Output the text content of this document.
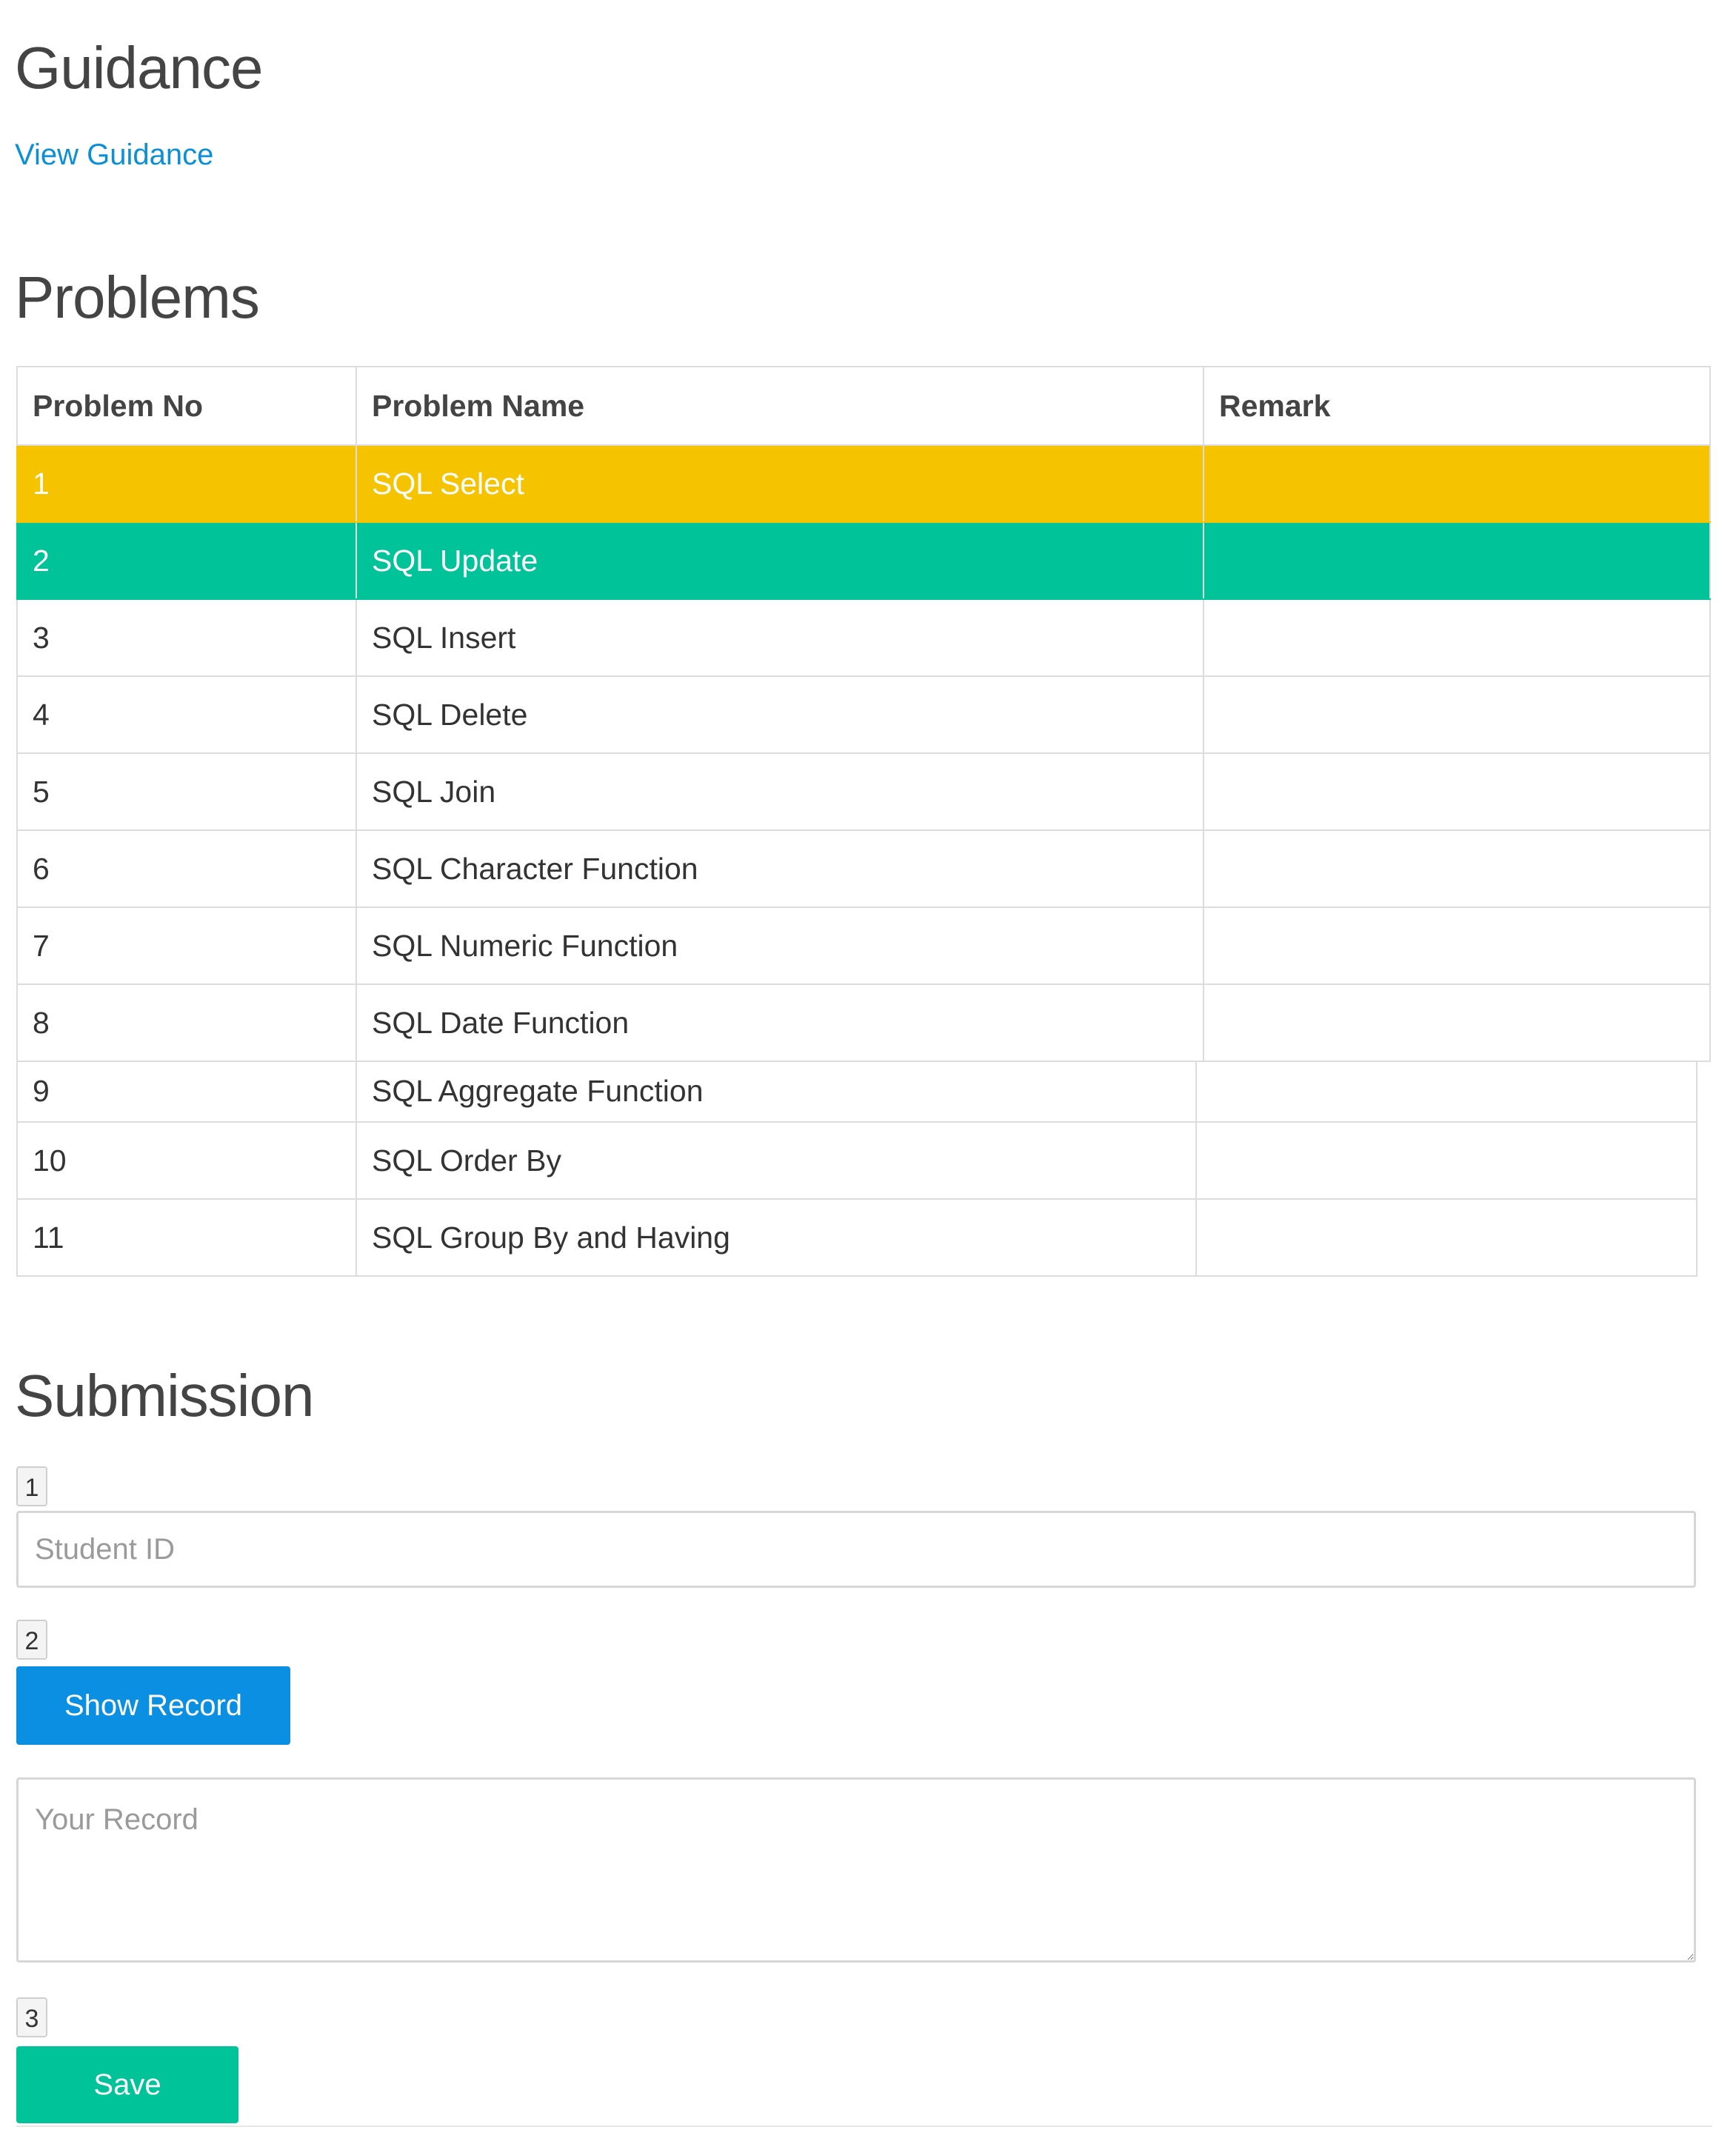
Guidance
View Guidance
Problems
Problem No	Problem Name	Remark
1	SQL Select	
2	SQL Update	
3	SQL Insert	
4	SQL Delete	
5	SQL Join	
6	SQL Character Function	
7	SQL Numeric Function	
8	SQL Date Function	
9	SQL Aggregate Function	
10	SQL Order By	
11	SQL Group By and Having	
Submission
1
Student ID
2
Show Record
Your Record
3
Save
